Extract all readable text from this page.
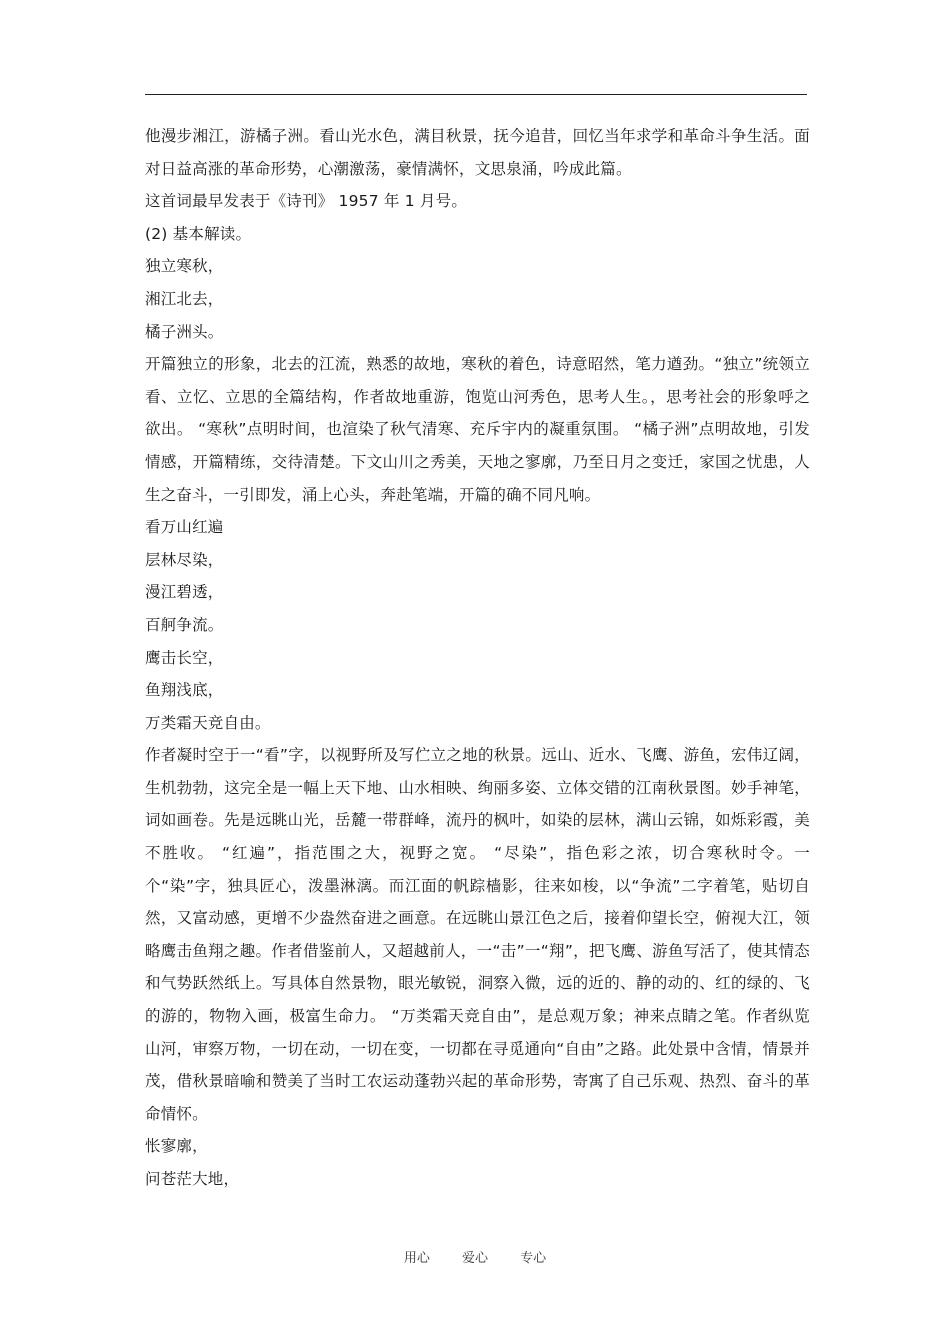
他漫步湘江，游橘子洲。看山光水色，满目秋景，抚今追昔，回忆当年求学和革命斗争生活。面对日益高涨的革命形势，心潮激荡，豪情满怀，文思泉涌，吟成此篇。

这首词最早发表于《诗刊》 1957 年 1 月号。

(2) 基本解读。

独立寒秋，

湘江北去，

橘子洲头。

开篇独立的形象，北去的江流，熟悉的故地，寒秋的着色，诗意昭然，笔力遒劲。“独立”统领立看、立忆、立思的全篇结构，作者故地重游，饱览山河秀色，思考人生。，思考社会的形象呼之欲出。 “寒秋”点明时间，也渲染了秋气清寒、充斥宇内的凝重氛围。 “橘子洲”点明故地，引发情感，开篇精练，交待清楚。下文山川之秀美，天地之寥廓，乃至日月之变迁，家国之忧患，人生之奋斗，一引即发，涌上心头，奔赴笔端，开篇的确不同凡响。

看万山红遍

层林尽染，

漫江碧透，

百舸争流。

鹰击长空，

鱼翔浅底，

万类霜天竞自由。

作者凝时空于一“看”字，以视野所及写伫立之地的秋景。远山、近水、飞鹰、游鱼，宏伟辽阔，生机勃勃，这完全是一幅上天下地、山水相映、绚丽多姿、立体交错的江南秋景图。妙手神笔，词如画卷。先是远眺山光，岳麓一带群峰，流丹的枫叶，如染的层林，满山云锦，如烁彩霞，美不胜收。 “红遍”，指范围之大，视野之宽。 “尽染”，指色彩之浓，切合寒秋时令。一个“染”字，独具匠心，泼墨淋漓。而江面的帆踪樯影，往来如梭，以“争流”二字着笔，贴切自然，又富动感，更增不少盎然奋进之画意。在远眺山景江色之后，接着仰望长空，俯视大江，领略鹰击鱼翔之趣。作者借鉴前人，又超越前人，一“击”一“翔”，把飞鹰、游鱼写活了，使其情态和气势跃然纸上。写具体自然景物，眼光敏锐，洞察入微，远的近的、静的动的、红的绿的、飞的游的，物物入画，极富生命力。 “万类霜天竞自由”，是总观万象；神来点睛之笔。作者纵览山河，审察万物，一切在动，一切在变，一切都在寻觅通向“自由”之路。此处景中含情，情景并茂，借秋景暗喻和赞美了当时工农运动蓬勃兴起的革命形势，寄寓了自己乐观、热烈、奋斗的革命情怀。

怅寥廓，

问苍茫大地，

用心 爱心 专心
